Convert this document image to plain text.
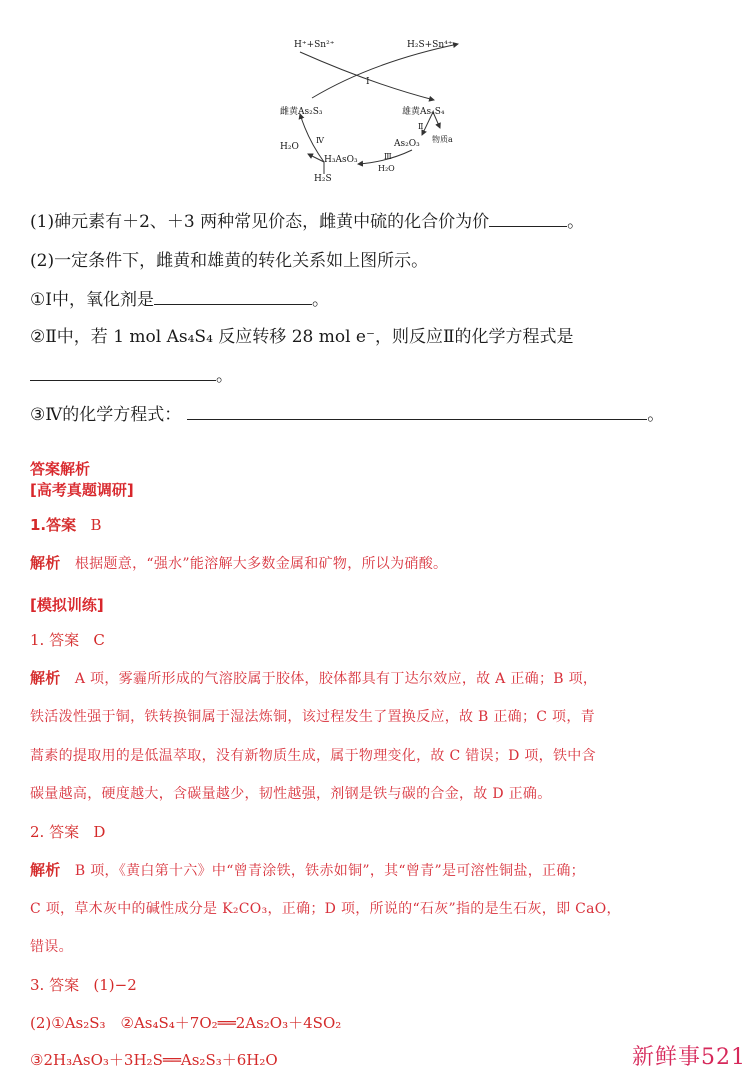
H⁺+Sn²⁺	H₂S+Sn⁴⁺
Ⅰ
雌黄As₂S₃	雄黄As₄S₄
Ⅱ
物质a
As₂O₃
Ⅲ
H₂O
H₃AsO₃
Ⅳ
H₂O
H₂S
(1)砷元素有＋2、＋3 两种常见价态，雌黄中硫的化合价为价	。
(2)一定条件下，雌黄和雄黄的转化关系如上图所示。
①Ⅰ中，氧化剂是	。
②Ⅱ中，若 1 mol As₄S₄ 反应转移 28 mol e⁻，则反应Ⅱ的化学方程式是
。
③Ⅳ的化学方程式：	。
答案解析
[高考真题调研]
1.答案 B
解析 根据题意，“强水”能溶解大多数金属和矿物，所以为硝酸。
[模拟训练]
1. 答案 C
解析 A 项，雾霾所形成的气溶胶属于胶体，胶体都具有丁达尔效应，故 A 正确；B 项，
铁活泼性强于铜，铁转换铜属于湿法炼铜，该过程发生了置换反应，故 B 正确；C 项，青
蒿素的提取用的是低温萃取，没有新物质生成，属于物理变化，故 C 错误；D 项，铁中含
碳量越高，硬度越大，含碳量越少，韧性越强，剂钢是铁与碳的合金，故 D 正确。
2. 答案 D
解析 B 项，《黄白第十六》中“曾青涂铁，铁赤如铜”，其“曾青”是可溶性铜盐，正确；
C 项，草木灰中的碱性成分是 K₂CO₃，正确；D 项，所说的“石灰”指的是生石灰，即 CaO，
错误。
3. 答案 (1)−2
(2)①As₂S₃　②As₄S₄＋7O₂══2As₂O₃＋4SO₂
③2H₃AsO₃＋3H₂S══As₂S₃＋6H₂O	新鲜事521
